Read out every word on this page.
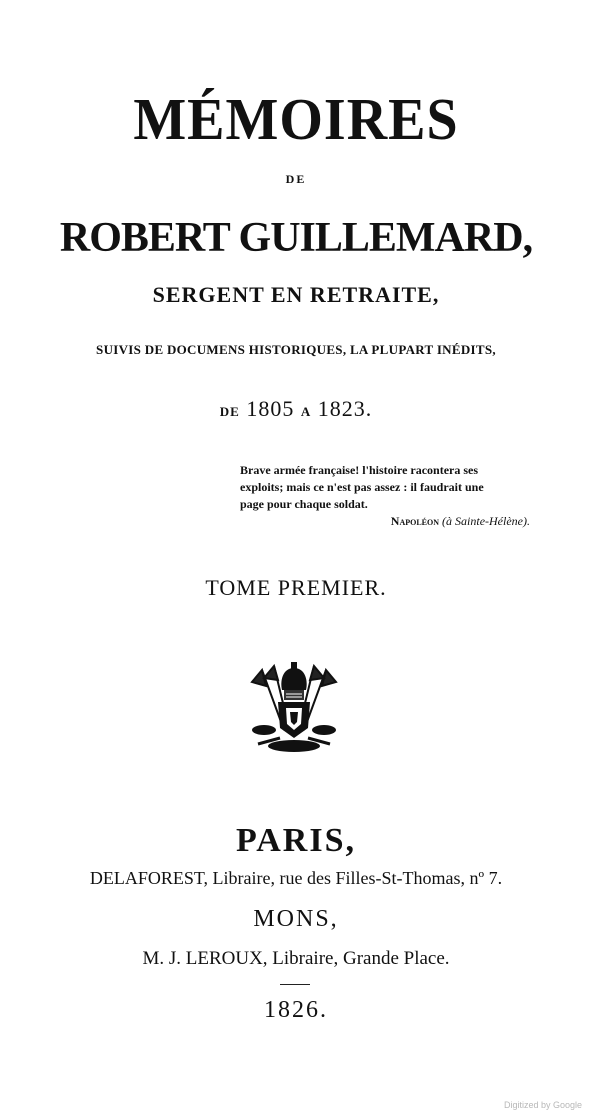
MÉMOIRES
DE
ROBERT GUILLEMARD,
SERGENT EN RETRAITE,
SUIVIS DE DOCUMENS HISTORIQUES, LA PLUPART INÉDITS,
DE 1805 A 1823.
Brave armée française! l'histoire racontera ses
exploits; mais ce n'est pas assez : il faudrait une
page pour chaque soldat.
Napoléon (à Sainte-Hélène).
TOME PREMIER.
PARIS,
DELAFOREST, Libraire, rue des Filles-St-Thomas, nº 7.
MONS,
M. J. LEROUX, Libraire, Grande Place.
1826.
Digitized by Google
